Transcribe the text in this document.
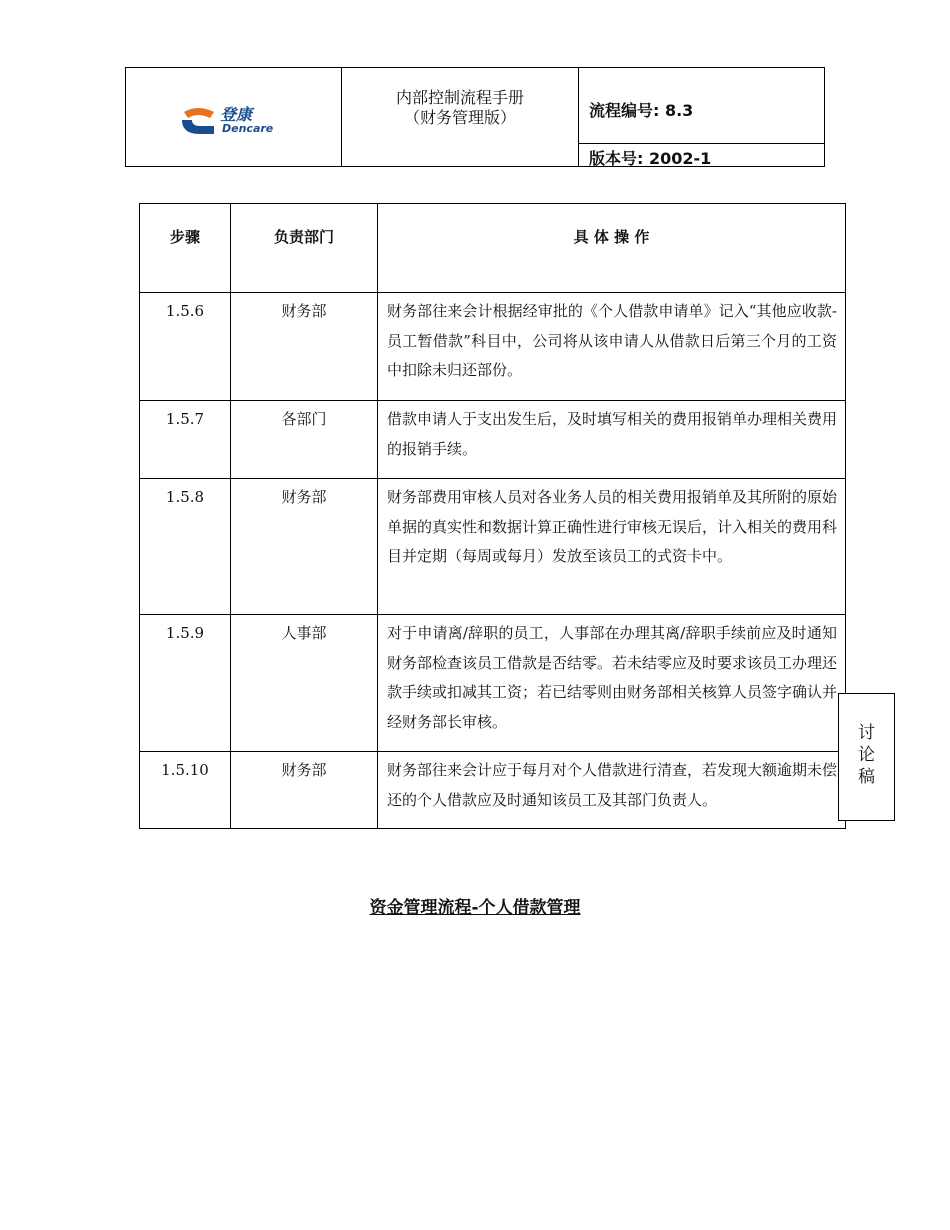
登康
Dencare
内部控制流程手册
（财务管理版）	流程编号: 8.3
版本号: 2002-1
步骤	负责部门	具 体 操 作
1.5.6	财务部	财务部往来会计根据经审批的《个人借款申请单》记入“其他应收款-员工暂借款”科目中，公司将从该申请人从借款日后第三个月的工资中扣除未归还部份。
1.5.7	各部门	借款申请人于支出发生后，及时填写相关的费用报销单办理相关费用的报销手续。
1.5.8	财务部	财务部费用审核人员对各业务人员的相关费用报销单及其所附的原始单据的真实性和数据计算正确性进行审核无误后，计入相关的费用科目并定期（每周或每月）发放至该员工的式资卡中。
1.5.9	人事部	对于申请离/辞职的员工，人事部在办理其离/辞职手续前应及时通知财务部检查该员工借款是否结零。若未结零应及时要求该员工办理还款手续或扣减其工资；若已结零则由财务部相关核算人员签字确认并经财务部长审核。
1.5.10	财务部	财务部往来会计应于每月对个人借款进行清查，若发现大额逾期未偿还的个人借款应及时通知该员工及其部门负责人。
讨
论
稿
资金管理流程-个人借款管理
